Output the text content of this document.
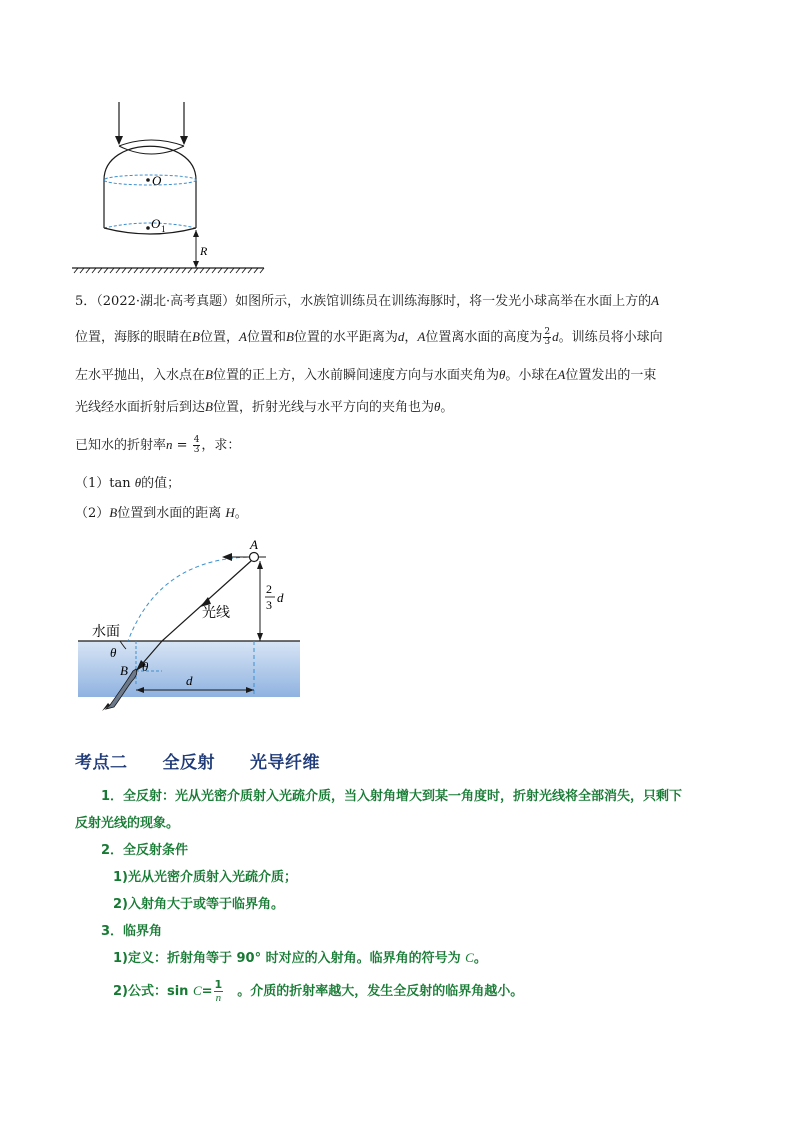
O
O 1
R
5．（2022·湖北·高考真题）如图所示，水族馆训练员在训练海豚时，将一发光小球高举在水面上方的A
位置，海豚的眼睛在B位置，A位置和B位置的水平距离为d，A位置离水面的高度为 $\frac{2}{3}$ d。训练员将小球向
左水平抛出，入水点在B位置的正上方，入水前瞬间速度方向与水面夹角为θ。小球在A位置发出的一束
光线经水面折射后到达B位置，折射光线与水平方向的夹角也为θ。
已知水的折射率$n = \frac{4}{3}$ ，求：
（1）tan θ的值；
（2）B位置到水面的距离 H。
A
光线
水面
θ
θ
B
d
2
3 d
考点二　　全反射　　光导纤维
1．全反射：光从光密介质射入光疏介质，当入射角增大到某一角度时，折射光线将全部消失，只剩下
反射光线的现象。
2．全反射条件
1)光从光密介质射入光疏介质；
2)入射角大于或等于临界角。
3．临界角
1)定义：折射角等于 90° 时对应的入射角。临界角的符号为 C。
2)公式：$\sin C= \frac{1}{n}$ 　。介质的折射率越大，发生全反射的临界角越小。
